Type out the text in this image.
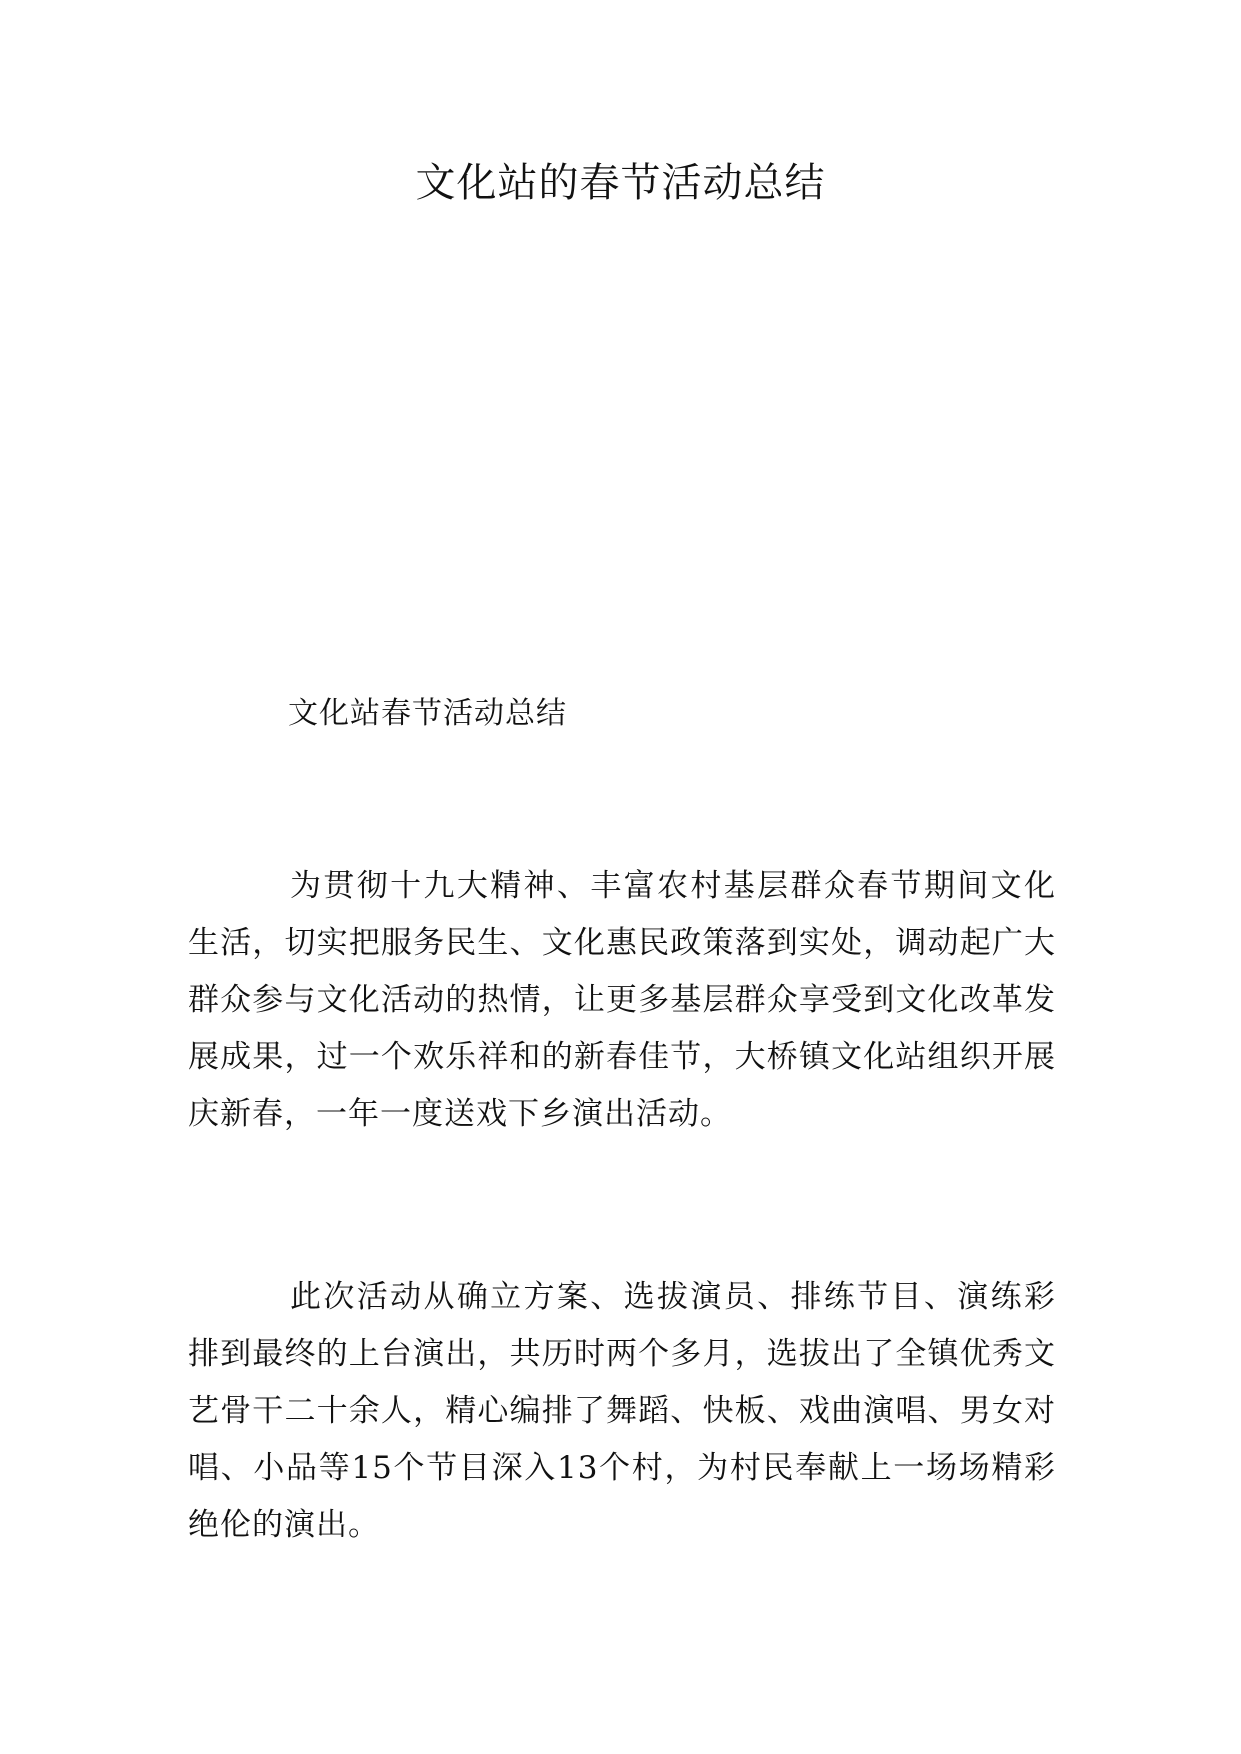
文化站的春节活动总结

文化站春节活动总结

为贯彻十九大精神、丰富农村基层群众春节期间文化生活，切实把服务民生、文化惠民政策落到实处，调动起广大群众参与文化活动的热情，让更多基层群众享受到文化改革发展成果，过一个欢乐祥和的新春佳节，大桥镇文化站组织开展庆新春，一年一度送戏下乡演出活动。

此次活动从确立方案、选拔演员、排练节目、演练彩排到最终的上台演出，共历时两个多月，选拔出了全镇优秀文艺骨干二十余人，精心编排了舞蹈、快板、戏曲演唱、男女对唱、小品等15个节目深入13个村，为村民奉献上一场场精彩绝伦的演出。
